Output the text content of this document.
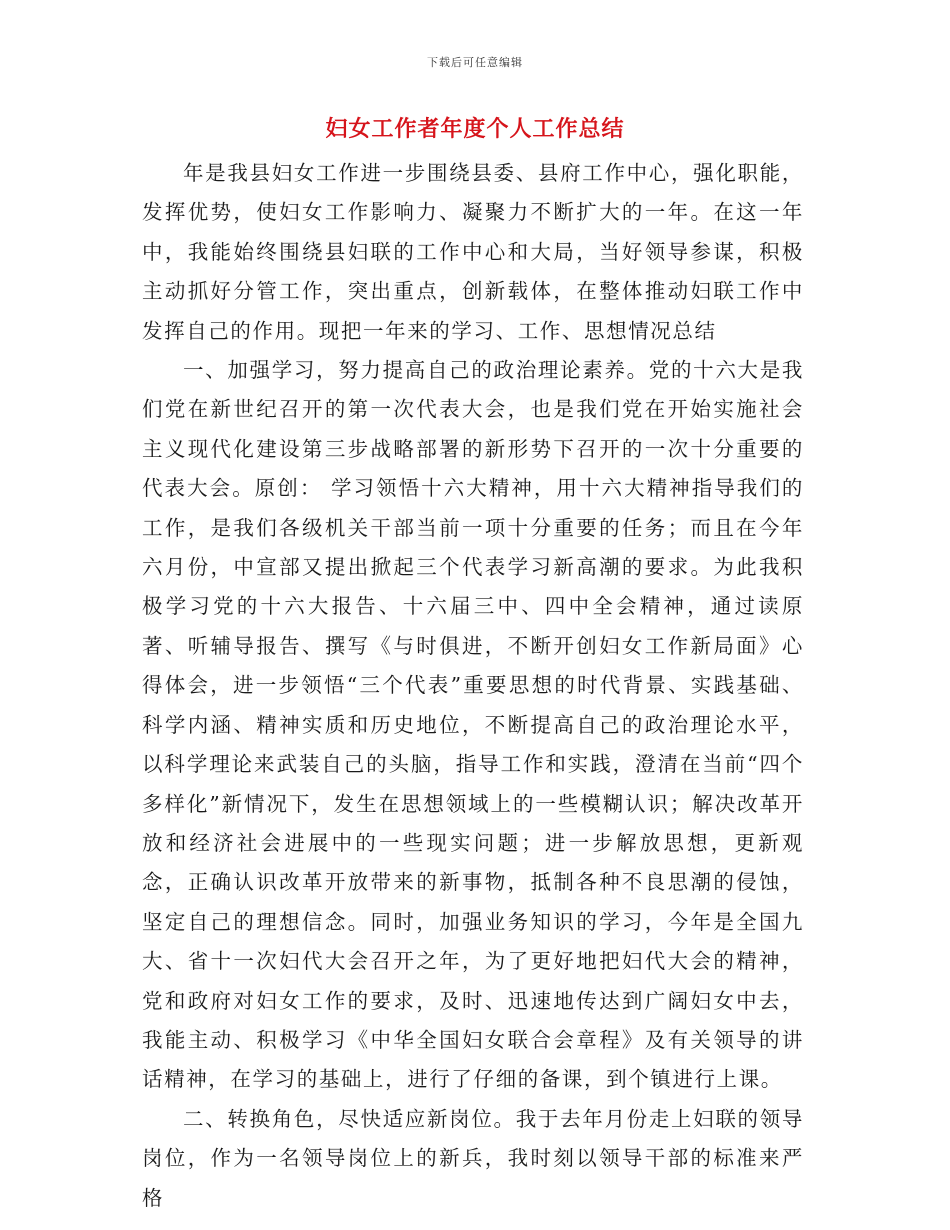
下载后可任意编辑
妇女工作者年度个人工作总结

年是我县妇女工作进一步围绕县委、县府工作中心，强化职能，发挥优势，使妇女工作影响力、凝聚力不断扩大的一年。在这一年中，我能始终围绕县妇联的工作中心和大局，当好领导参谋，积极主动抓好分管工作，突出重点，创新载体，在整体推动妇联工作中发挥自己的作用。现把一年来的学习、工作、思想情况总结

一、加强学习，努力提高自己的政治理论素养。党的十六大是我们党在新世纪召开的第一次代表大会，也是我们党在开始实施社会主义现代化建设第三步战略部署的新形势下召开的一次十分重要的代表大会。原创： 学习领悟十六大精神，用十六大精神指导我们的工作，是我们各级机关干部当前一项十分重要的任务；而且在今年六月份，中宣部又提出掀起三个代表学习新高潮的要求。为此我积极学习党的十六大报告、十六届三中、四中全会精神，通过读原著、听辅导报告、撰写《与时俱进，不断开创妇女工作新局面》心得体会，进一步领悟“三个代表”重要思想的时代背景、实践基础、科学内涵、精神实质和历史地位，不断提高自己的政治理论水平，以科学理论来武装自己的头脑，指导工作和实践，澄清在当前“四个多样化”新情况下，发生在思想领域上的一些模糊认识；解决改革开放和经济社会进展中的一些现实问题；进一步解放思想，更新观念，正确认识改革开放带来的新事物，抵制各种不良思潮的侵蚀，坚定自己的理想信念。同时，加强业务知识的学习，今年是全国九大、省十一次妇代大会召开之年，为了更好地把妇代大会的精神，党和政府对妇女工作的要求，及时、迅速地传达到广阔妇女中去，我能主动、积极学习《中华全国妇女联合会章程》及有关领导的讲话精神，在学习的基础上，进行了仔细的备课，到个镇进行上课。

二、转换角色，尽快适应新岗位。我于去年月份走上妇联的领导岗位，作为一名领导岗位上的新兵，我时刻以领导干部的标准来严格
